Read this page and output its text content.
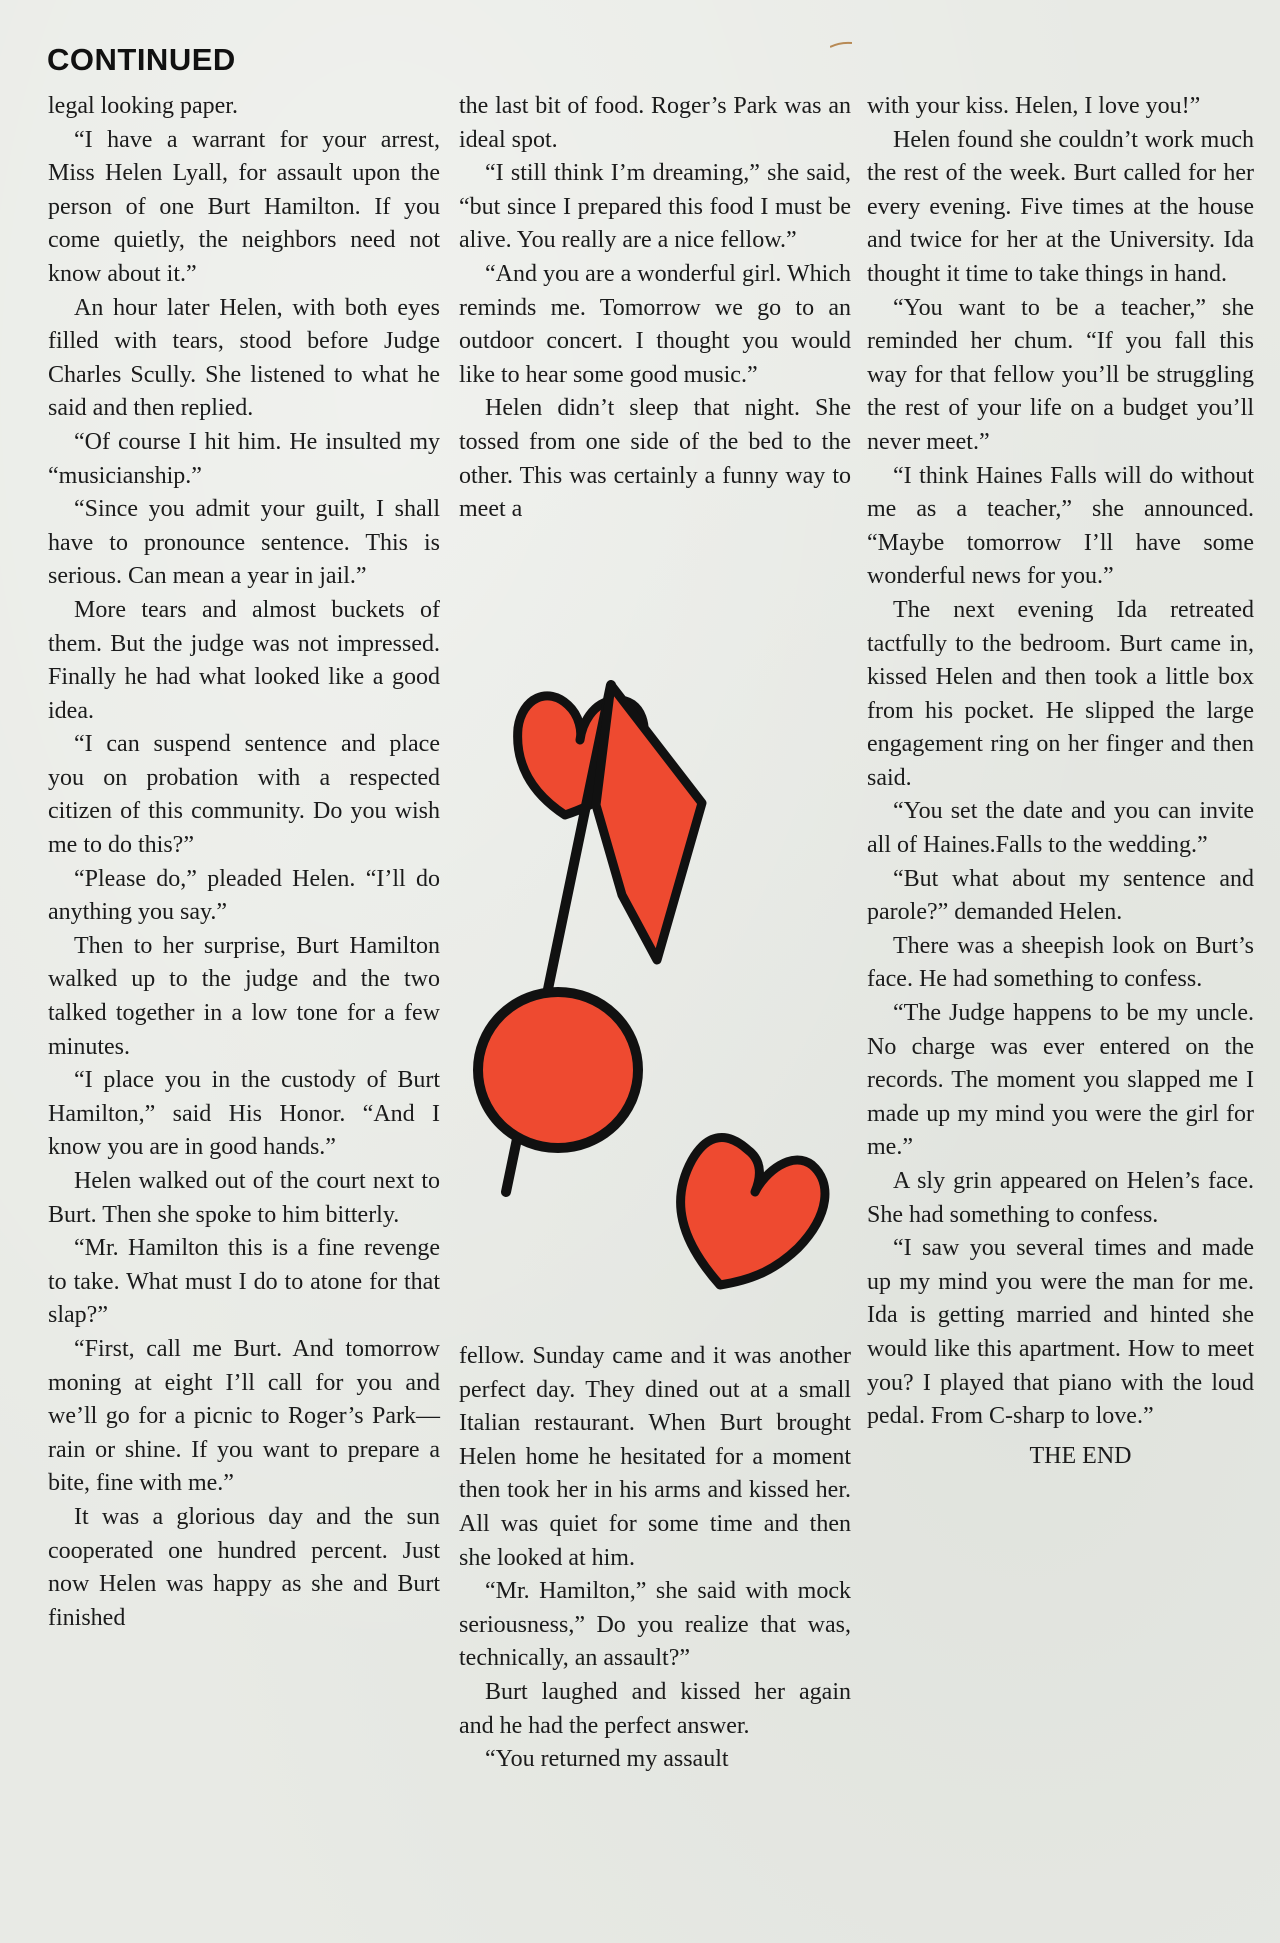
CONTINUED

legal looking paper.

“I have a warrant for your arrest, Miss Helen Lyall, for assault upon the person of one Burt Hamilton. If you come quietly, the neighbors need not know about it.”

An hour later Helen, with both eyes filled with tears, stood before Judge Charles Scully. She listened to what he said and then replied.

“Of course I hit him. He insulted my “musicianship.”

“Since you admit your guilt, I shall have to pronounce sentence. This is serious. Can mean a year in jail.”

More tears and almost buckets of them. But the judge was not impressed. Finally he had what looked like a good idea.

“I can suspend sentence and place you on probation with a respected citizen of this community. Do you wish me to do this?”

“Please do,” pleaded Helen. “I’ll do anything you say.”

Then to her surprise, Burt Hamilton walked up to the judge and the two talked together in a low tone for a few minutes.

“I place you in the custody of Burt Hamilton,” said His Honor. “And I know you are in good hands.”

Helen walked out of the court next to Burt. Then she spoke to him bitterly.

“Mr. Hamilton this is a fine revenge to take. What must I do to atone for that slap?”

“First, call me Burt. And tomorrow moning at eight I’ll call for you and we’ll go for a picnic to Roger’s Park—rain or shine. If you want to prepare a bite, fine with me.”

It was a glorious day and the sun cooperated one hundred percent. Just now Helen was happy as she and Burt finished

the last bit of food. Roger’s Park was an ideal spot.

“I still think I’m dreaming,” she said, “but since I prepared this food I must be alive. You really are a nice fellow.”

“And you are a wonderful girl. Which reminds me. Tomorrow we go to an outdoor concert. I thought you would like to hear some good music.”

Helen didn’t sleep that night. She tossed from one side of the bed to the other. This was certainly a funny way to meet a

fellow. Sunday came and it was another perfect day. They dined out at a small Italian restaurant. When Burt brought Helen home he hesitated for a moment then took her in his arms and kissed her. All was quiet for some time and then she looked at him.

“Mr. Hamilton,” she said with mock seriousness,” Do you realize that was, technically, an assault?”

Burt laughed and kissed her again and he had the perfect answer.

“You returned my assault

with your kiss. Helen, I love you!”

Helen found she couldn’t work much the rest of the week. Burt called for her every evening. Five times at the house and twice for her at the University. Ida thought it time to take things in hand.

“You want to be a teacher,” she reminded her chum. “If you fall this way for that fellow you’ll be struggling the rest of your life on a budget you’ll never meet.”

“I think Haines Falls will do without me as a teacher,” she announced. “Maybe tomorrow I’ll have some wonderful news for you.”

The next evening Ida retreated tactfully to the bedroom. Burt came in, kissed Helen and then took a little box from his pocket. He slipped the large engagement ring on her finger and then said.

“You set the date and you can invite all of Haines.Falls to the wedding.”

“But what about my sentence and parole?” demanded Helen.

There was a sheepish look on Burt’s face. He had something to confess.

“The Judge happens to be my uncle. No charge was ever entered on the records. The moment you slapped me I made up my mind you were the girl for me.”

A sly grin appeared on Helen’s face. She had something to confess.

“I saw you several times and made up my mind you were the man for me. Ida is getting married and hinted she would like this apartment. How to meet you? I played that piano with the loud pedal. From C-sharp to love.”

THE END
